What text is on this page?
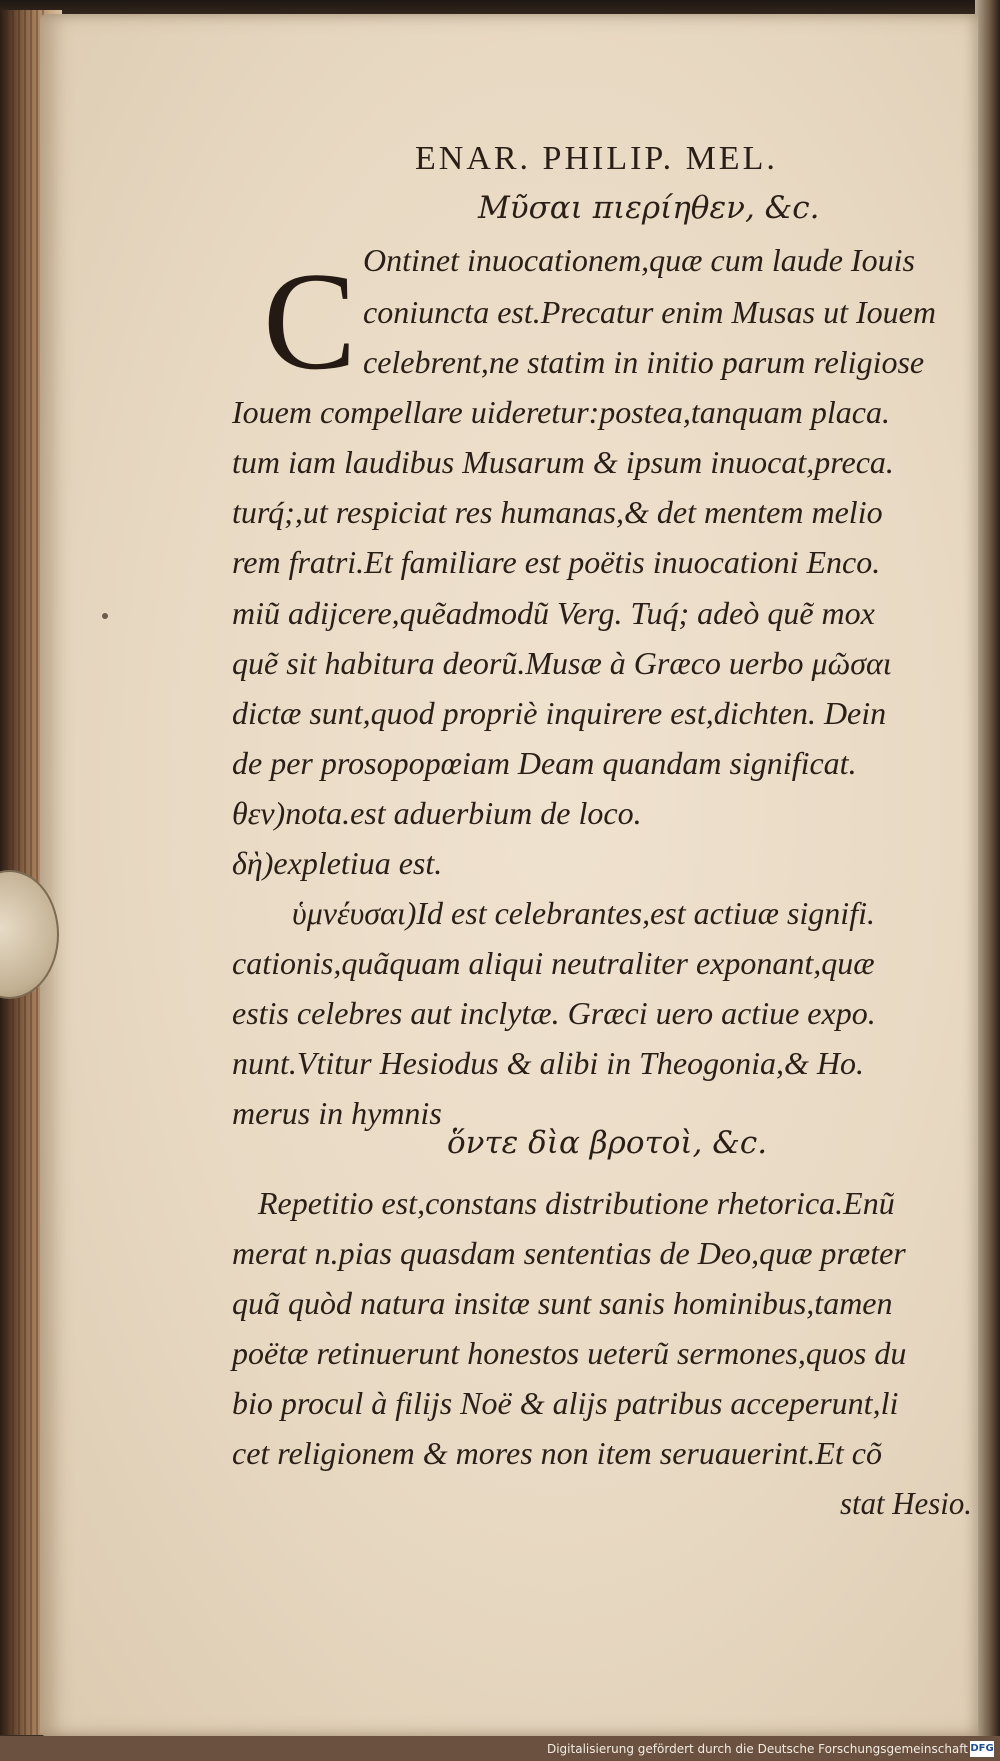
ENAR. PHILIP. MEL.
Μῦσαι πιερίηθεν, &c.
C Ontinet inuocationem,quæ cum laude Iouis
coniuncta est.Precatur enim Musas ut Iouem
celebrent,ne statim in initio parum religiose
Iouem compellare uideretur:postea,tanquam placa.
tum iam laudibus Musarum & ipsum inuocat,preca.
turq́;,ut respiciat res humanas,& det mentem melio
rem fratri.Et familiare est poëtis inuocationi Enco.
miũ adijcere,quẽadmodũ Verg. Tuq́; adeò quẽ mox
quẽ sit habitura deorũ.Musæ à Græco uerbo μῶσαι
dictæ sunt,quod propriè inquirere est,dichten. Dein
de per prosopopœiam Deam quandam significat.
θεν)nota.est aduerbium de loco.
δὴ)expletiua est.
ὑμνέυσαι)Id est celebrantes,est actiuæ signifi.
cationis,quãquam aliqui neutraliter exponant,quæ
estis celebres aut inclytæ. Græci uero actiue expo.
nunt.Vtitur Hesiodus & alibi in Theogonia,& Ho.
merus in hymnis
ὅντε δὶα βροτοὶ, &c.
Repetitio est,constans distributione rhetorica.Enũ
merat n.pias quasdam sententias de Deo,quæ præter
quã quòd natura insitæ sunt sanis hominibus,tamen
poëtæ retinuerunt honestos ueterũ sermones,quos du
bio procul à filijs Noë & alijs patribus acceperunt,li
cet religionem & mores non item seruauerint.Et cõ
stat Hesio.
Digitalisierung gefördert durch die Deutsche Forschungsgemeinschaft DFG
